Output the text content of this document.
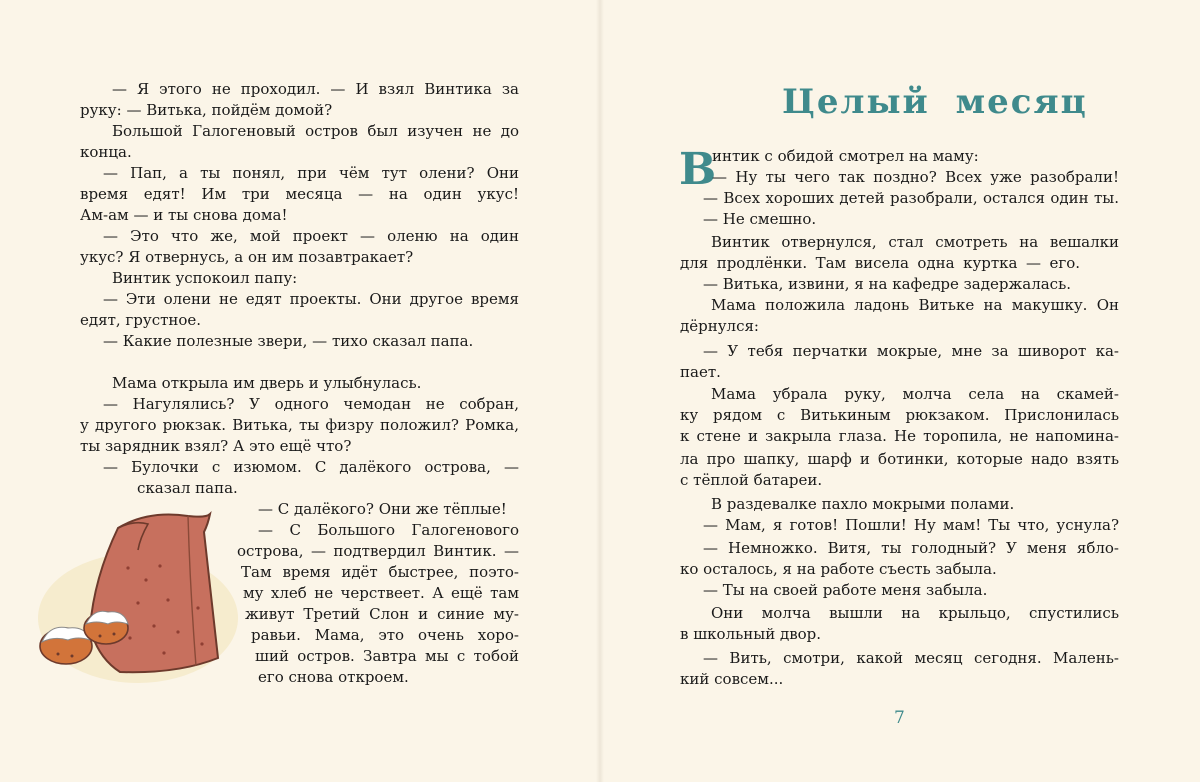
— Я этого не проходил. — И взял Винтика за
руку: — Витька, пойдём домой?
Большой Галогеновый остров был изучен не до
конца.
— Пап, а ты понял, при чём тут олени? Они
время едят! Им три месяца — на один укус!
Ам-ам — и ты снова дома!
— Это что же, мой проект — оленю на один
укус? Я отвернусь, а он им позавтракает?
Винтик успокоил папу:
— Эти олени не едят проекты. Они другое время
едят, грустное.
— Какие полезные звери, — тихо сказал папа.
Мама открыла им дверь и улыбнулась.
— Нагулялись? У одного чемодан не собран,
у другого рюкзак. Витька, ты физру положил? Ромка,
ты зарядник взял? А это ещё что?
— Булочки с изюмом. С далёкого острова, —
сказал папа.
— С далёкого? Они же тёплые!
— С Большого Галогенового
острова, — подтвердил Винтик. —
Там время идёт быстрее, поэто-
му хлеб не черствеет. А ещё там
живут Третий Слон и синие му-
равьи. Мама, это очень хоро-
ший остров. Завтра мы с тобой
его снова откроем.
Целый месяц
В
интик с обидой смотрел на маму:
— Ну ты чего так поздно? Всех уже разобрали!
— Всех хороших детей разобрали, остался один ты.
— Не смешно.
Винтик отвернулся, стал смотреть на вешалки
для продлёнки. Там висела одна куртка — его.
— Витька, извини, я на кафедре задержалась.
Мама положила ладонь Витьке на макушку. Он
дёрнулся:
— У тебя перчатки мокрые, мне за шиворот ка-
пает.
Мама убрала руку, молча села на скамей-
ку рядом с Витькиным рюкзаком. Прислонилась
к стене и закрыла глаза. Не торопила, не напомина-
ла про шапку, шарф и ботинки, которые надо взять
с тёплой батареи.
В раздевалке пахло мокрыми полами.
— Мам, я готов! Пошли! Ну мам! Ты что, уснула?
— Немножко. Витя, ты голодный? У меня ябло-
ко осталось, я на работе съесть забыла.
— Ты на своей работе меня забыла.
Они молча вышли на крыльцо, спустились
в школьный двор.
— Вить, смотри, какой месяц сегодня. Малень-
кий совсем...
7
